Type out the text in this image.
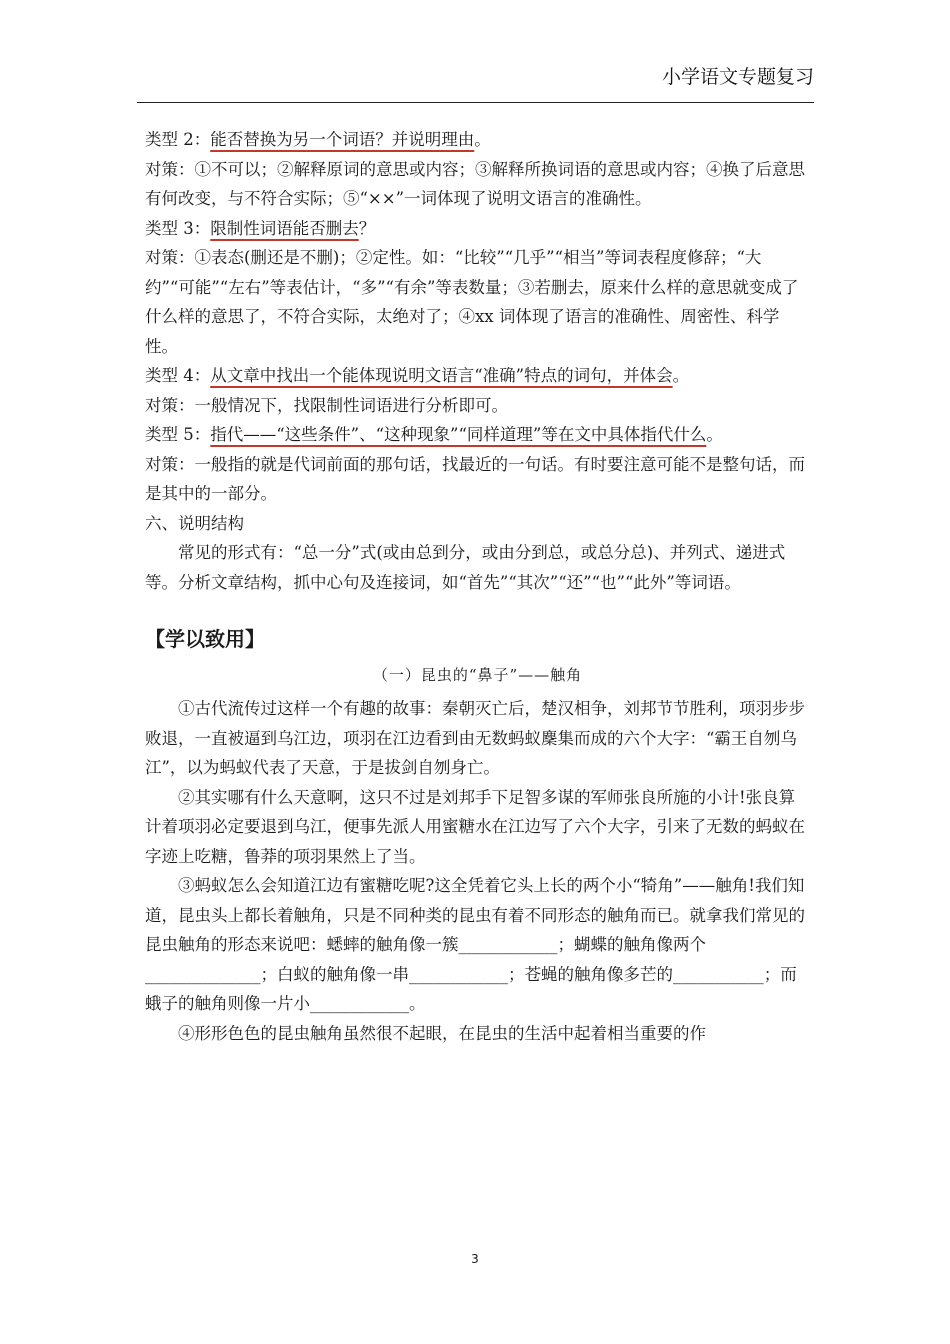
小学语文专题复习

类型 2：能否替换为另一个词语？并说明理由。

对策：①不可以；②解释原词的意思或内容；③解释所换词语的意思或内容；④换了后意思有何改变，与不符合实际；⑤“××”一词体现了说明文语言的准确性。

类型 3：限制性词语能否删去？

对策：①表态(删还是不删)；②定性。如：“比较”“几乎”“相当”等词表程度修辞；“大约”“可能”“左右”等表估计，“多”“有余”等表数量；③若删去，原来什么样的意思就变成了什么样的意思了，不符合实际，太绝对了；④xx 词体现了语言的准确性、周密性、科学性。

类型 4：从文章中找出一个能体现说明文语言“准确”特点的词句，并体会。

对策：一般情况下，找限制性词语进行分析即可。

类型 5：指代——“这些条件”、“这种现象”“同样道理”等在文中具体指代什么。

对策：一般指的就是代词前面的那句话，找最近的一句话。有时要注意可能不是整句话，而是其中的一部分。

六、说明结构

常见的形式有：“总一分”式(或由总到分，或由分到总，或总分总)、并列式、递进式等。分析文章结构，抓中心句及连接词，如“首先”“其次”“还”“也”“此外”等词语。

【学以致用】
（一）昆虫的“鼻子”——触角

①古代流传过这样一个有趣的故事：秦朝灭亡后，楚汉相争，刘邦节节胜利，项羽步步败退，一直被逼到乌江边，项羽在江边看到由无数蚂蚁麇集而成的六个大字：“霸王自刎乌江”，以为蚂蚁代表了天意，于是拔剑自刎身亡。

②其实哪有什么天意啊，这只不过是刘邦手下足智多谋的军师张良所施的小计!张良算计着项羽必定要退到乌江，便事先派人用蜜糖水在江边写了六个大字，引来了无数的蚂蚁在字迹上吃糖，鲁莽的项羽果然上了当。

③蚂蚁怎么会知道江边有蜜糖吃呢?这全凭着它头上长的两个小“犄角”——触角!我们知道，昆虫头上都长着触角，只是不同种类的昆虫有着不同形态的触角而已。就拿我们常见的昆虫触角的形态来说吧：蟋蟀的触角像一簇____________；蝴蝶的触角像两个______________；白蚁的触角像一串____________；苍蝇的触角像多芒的___________；而蛾子的触角则像一片小____________。

④形形色色的昆虫触角虽然很不起眼，在昆虫的生活中起着相当重要的作

3
